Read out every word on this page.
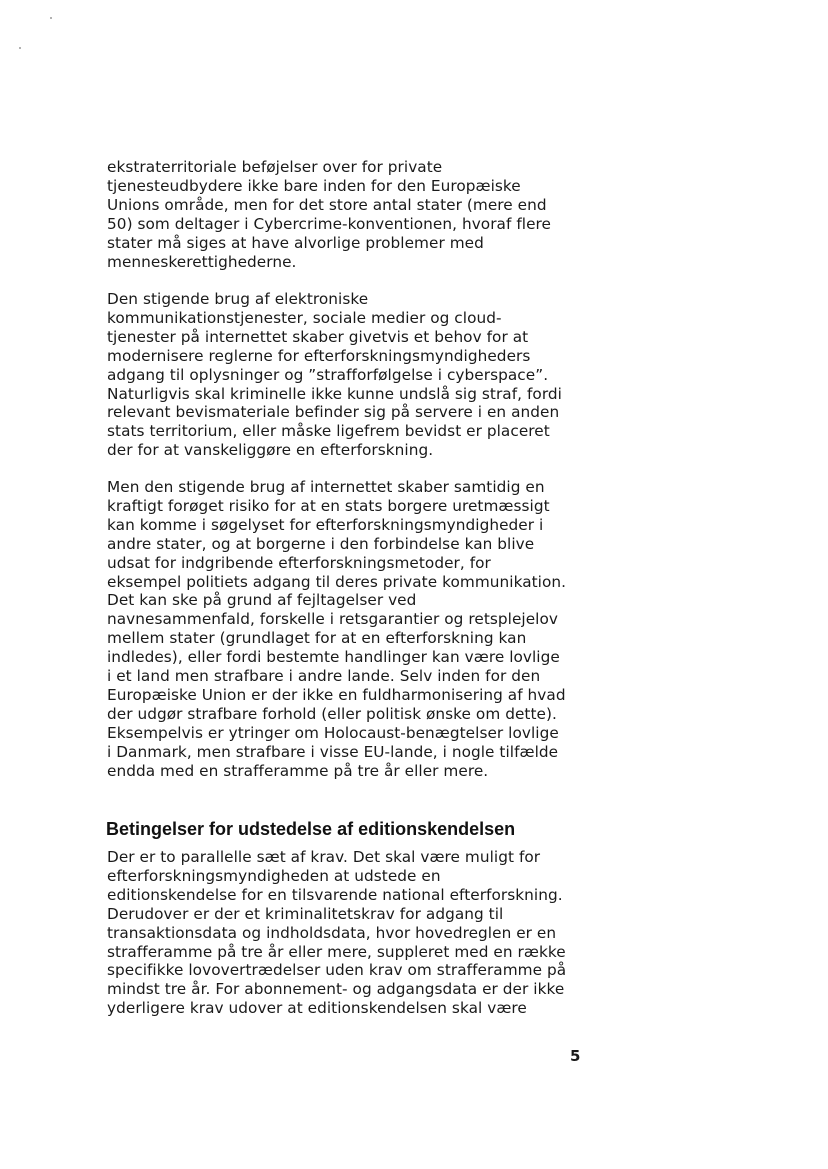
ekstraterritoriale beføjelser over for private
tjenesteudbydere ikke bare inden for den Europæiske
Unions område, men for det store antal stater (mere end
50) som deltager i Cybercrime-konventionen, hvoraf flere
stater må siges at have alvorlige problemer med
menneskerettighederne.
Den stigende brug af elektroniske
kommunikationstjenester, sociale medier og cloud-
tjenester på internettet skaber givetvis et behov for at
modernisere reglerne for efterforskningsmyndigheders
adgang til oplysninger og ”strafforfølgelse i cyberspace”.
Naturligvis skal kriminelle ikke kunne undslå sig straf, fordi
relevant bevismateriale befinder sig på servere i en anden
stats territorium, eller måske ligefrem bevidst er placeret
der for at vanskeliggøre en efterforskning.
Men den stigende brug af internettet skaber samtidig en
kraftigt forøget risiko for at en stats borgere uretmæssigt
kan komme i søgelyset for efterforskningsmyndigheder i
andre stater, og at borgerne i den forbindelse kan blive
udsat for indgribende efterforskningsmetoder, for
eksempel politiets adgang til deres private kommunikation.
Det kan ske på grund af fejltagelser ved
navnesammenfald, forskelle i retsgarantier og retsplejelov
mellem stater (grundlaget for at en efterforskning kan
indledes), eller fordi bestemte handlinger kan være lovlige
i et land men strafbare i andre lande. Selv inden for den
Europæiske Union er der ikke en fuldharmonisering af hvad
der udgør strafbare forhold (eller politisk ønske om dette).
Eksempelvis er ytringer om Holocaust-benægtelser lovlige
i Danmark, men strafbare i visse EU-lande, i nogle tilfælde
endda med en strafferamme på tre år eller mere.
Betingelser for udstedelse af editionskendelsen
Der er to parallelle sæt af krav. Det skal være muligt for
efterforskningsmyndigheden at udstede en
editionskendelse for en tilsvarende national efterforskning.
Derudover er der et kriminalitetskrav for adgang til
transaktionsdata og indholdsdata, hvor hovedreglen er en
strafferamme på tre år eller mere, suppleret med en række
specifikke lovovertrædelser uden krav om strafferamme på
mindst tre år. For abonnement- og adgangsdata er der ikke
yderligere krav udover at editionskendelsen skal være
5
